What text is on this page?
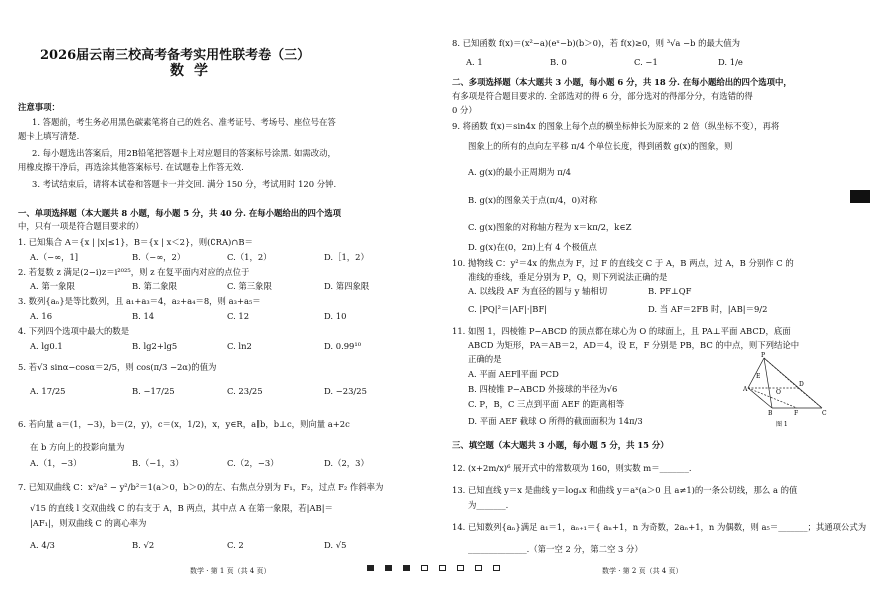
2026届云南三校高考备考实用性联考卷（三）
数学
注意事项：
1. 答题前，考生务必用黑色碳素笔将自己的姓名、准考证号、考场号、座位号在答
题卡上填写清楚.
2. 每小题选出答案后，用2B铅笔把答题卡上对应题目的答案标号涂黑. 如需改动，
用橡皮擦干净后，再选涂其他答案标号. 在试题卷上作答无效.
3. 考试结束后，请将本试卷和答题卡一并交回. 满分 150 分，考试用时 120 分钟.
一、单项选择题（本大题共 8 小题，每小题 5 分，共 40 分. 在每小题给出的四个选项
中，只有一项是符合题目要求的）
1. 已知集合 A＝{x | |x|≤1}，B＝{x | x＜2}，则(∁RA)∩B＝
A.（−∞，1]	B.（−∞，2）	C.（1，2）	D.［1，2）
2. 若复数 z 满足(2−i)z＝i²⁰²⁵，则 z 在复平面内对应的点位于
A. 第一象限	B. 第二象限	C. 第三象限	D. 第四象限
3. 数列{aₙ}是等比数列，且 a₁+a₃＝4，a₂+a₄＝8，则 a₃+a₅＝
A. 16	B. 14	C. 12	D. 10
4. 下列四个选项中最大的数是
A. lg0.1	B. lg2+lg5	C. ln2	D. 0.99¹⁰
5. 若√3 sinα−cosα＝2/5，则 cos(π/3 −2α)的值为
A. 17/25	B. −17/25	C. 23/25	D. −23/25
6. 若向量 a＝(1，−3)，b＝(2，y)，c＝(x，1/2)，x，y∈R，a∥b，b⊥c，则向量 a+2c
在 b 方向上的投影向量为
A.（1，−3）	B.（−1，3）	C.（2，−3）	D.（2，3）
7. 已知双曲线 C：x²/a² − y²/b²＝1(a＞0，b＞0)的左、右焦点分别为 F₁，F₂，过点 F₂ 作斜率为
√15 的直线 l 交双曲线 C 的右支于 A，B 两点，其中点 A 在第一象限，若|AB|＝
|AF₁|，则双曲线 C 的离心率为
A. 4/3	B. √2	C. 2	D. √5
数学 · 第 1 页（共 4 页）
8. 已知函数 f(x)＝(x²−a)(eˣ−b)(b＞0)，若 f(x)≥0，则 ³√a −b 的最大值为
A. 1	B. 0	C. −1	D. 1/e
二、多项选择题（本大题共 3 小题，每小题 6 分，共 18 分. 在每小题给出的四个选项中，
有多项是符合题目要求的. 全部选对的得 6 分，部分选对的得部分分，有选错的得
0 分）
9. 将函数 f(x)＝sin4x 的图象上每个点的横坐标伸长为原来的 2 倍（纵坐标不变），再将
图象上的所有的点向左平移 π/4 个单位长度，得到函数 g(x)的图象，则
A. g(x)的最小正周期为 π/4
B. g(x)的图象关于点(π/4，0)对称
C. g(x)图象的对称轴方程为 x＝kπ/2，k∈Z
D. g(x)在(0，2π)上有 4 个极值点
10. 抛物线 C：y²＝4x 的焦点为 F，过 F 的直线交 C 于 A，B 两点，过 A，B 分别作 C 的
准线的垂线，垂足分别为 P，Q，则下列说法正确的是
A. 以线段 AF 为直径的圆与 y 轴相切	B. PF⊥QF
C. |PQ|²＝|AF|·|BF|	D. 当 AF＝2FB 时，|AB|＝9/2
11. 如图 1，四棱锥 P−ABCD 的顶点都在球心为 O 的球面上，且 PA⊥平面 ABCD，底面
ABCD 为矩形，PA＝AB＝2，AD＝4，设 E，F 分别是 PB，BC 的中点，则下列结论中
正确的是
A. 平面 AEF∥平面 PCD
B. 四棱锥 P−ABCD 外接球的半径为√6
C. P，B，C 三点到平面 AEF 的距离相等
D. 平面 AEF 截球 O 所得的截面面积为 14π/3
三、填空题（本大题共 3 小题，每小题 5 分，共 15 分）
12. (x+2m/x)⁶ 展开式中的常数项为 160，则实数 m＝_______.
13. 已知直线 y＝x 是曲线 y＝logₐx 和曲线 y＝aˣ(a＞0 且 a≠1)的一条公切线，那么 a 的值
为_______.
14. 已知数列{aₙ}满足 a₁＝1，aₙ₊₁＝{ aₙ+1，n 为奇数，2aₙ+1，n 为偶数，则 a₅＝_______；其通项公式为
______________.（第一空 2 分，第二空 3 分）
数学 · 第 2 页（共 4 页）
P
A
B	C
D
E
F
O
图 1
